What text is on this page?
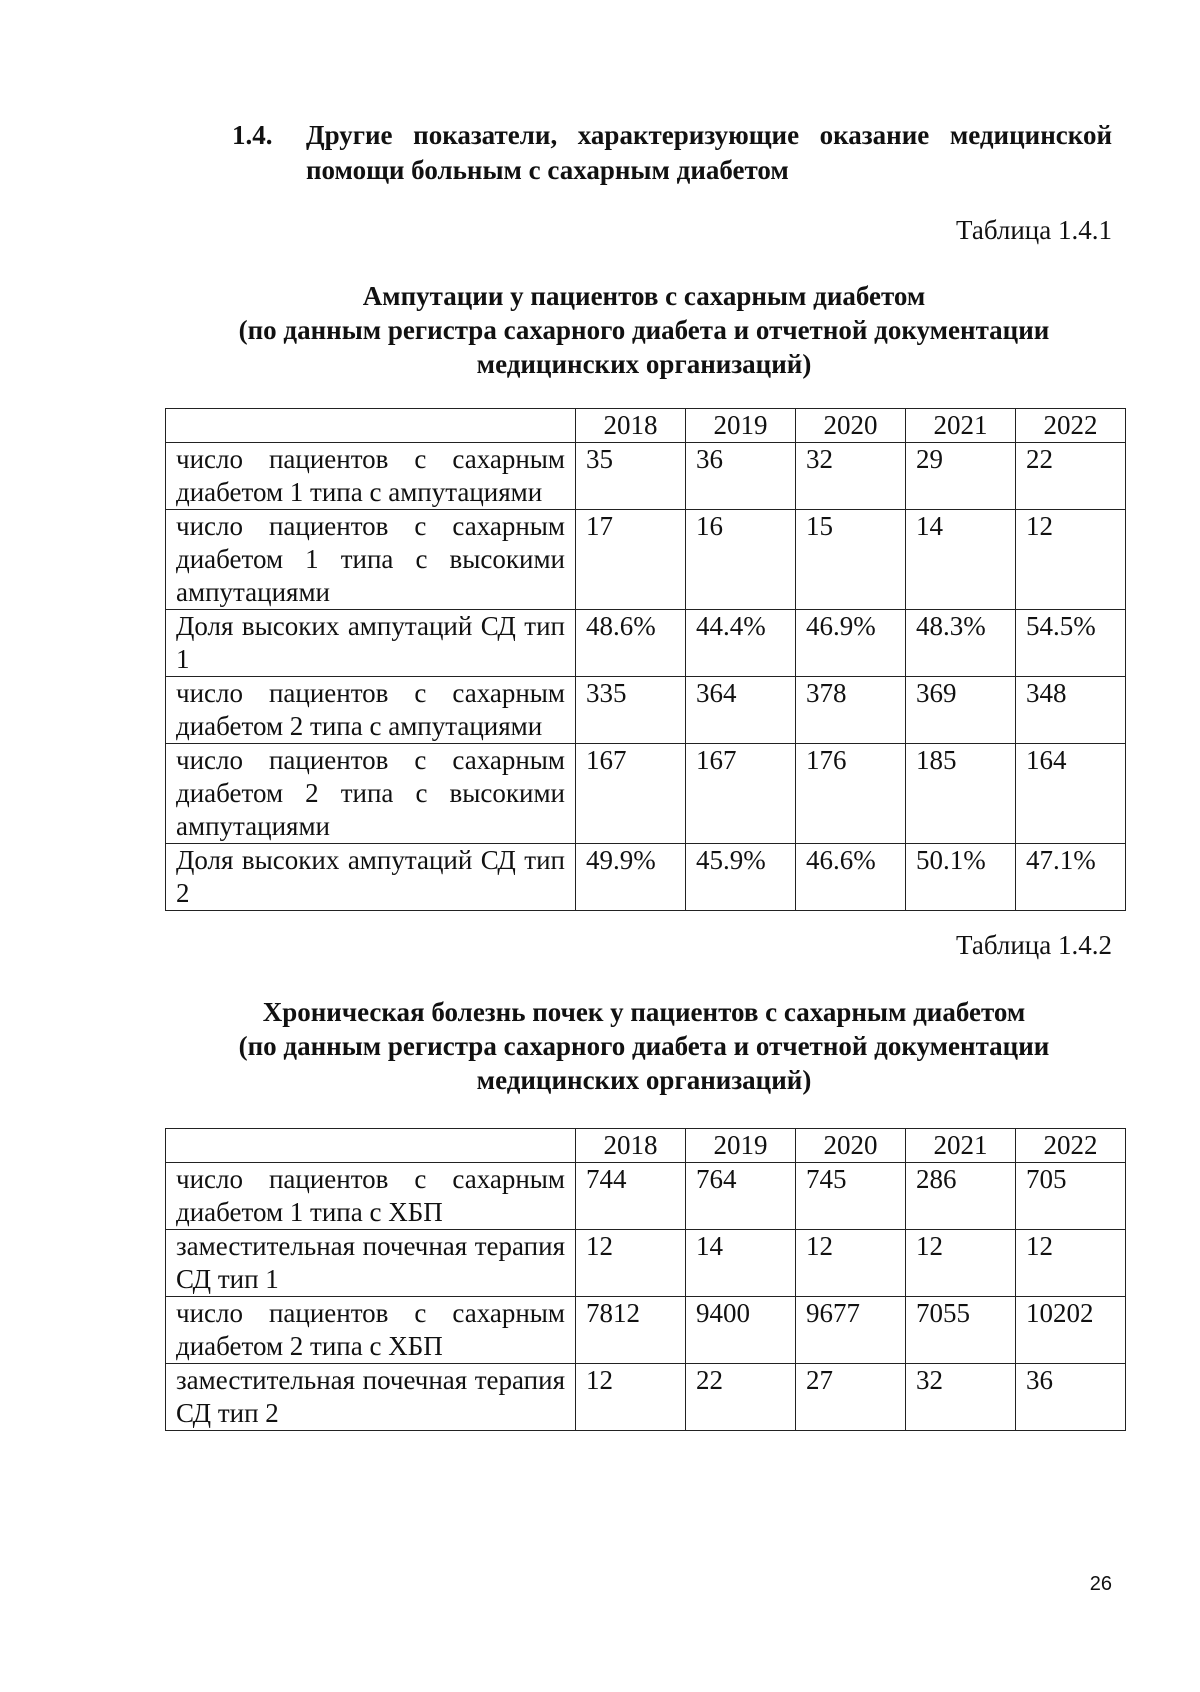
1.4.	Другие показатели, характеризующие оказание медицинской помощи больным с сахарным диабетом
Таблица 1.4.1
Ампутации у пациентов с сахарным диабетом
(по данным регистра сахарного диабета и отчетной документации
медицинских организаций)
	2018	2019	2020	2021	2022
число пациентов с сахарным диабетом 1 типа с ампутациями	35	36	32	29	22
число пациентов с сахарным диабетом 1 типа с высокими ампутациями	17	16	15	14	12
Доля высоких ампутаций СД тип 1	48.6%	44.4%	46.9%	48.3%	54.5%
число пациентов с сахарным диабетом 2 типа с ампутациями	335	364	378	369	348
число пациентов с сахарным диабетом 2 типа с высокими ампутациями	167	167	176	185	164
Доля высоких ампутаций СД тип 2	49.9%	45.9%	46.6%	50.1%	47.1%
Таблица 1.4.2
Хроническая болезнь почек у пациентов с сахарным диабетом
(по данным регистра сахарного диабета и отчетной документации
медицинских организаций)
	2018	2019	2020	2021	2022
число пациентов с сахарным диабетом 1 типа с ХБП	744	764	745	286	705
заместительная почечная терапия СД тип 1	12	14	12	12	12
число пациентов с сахарным диабетом 2 типа с ХБП	7812	9400	9677	7055	10202
заместительная почечная терапия СД тип 2	12	22	27	32	36
26
